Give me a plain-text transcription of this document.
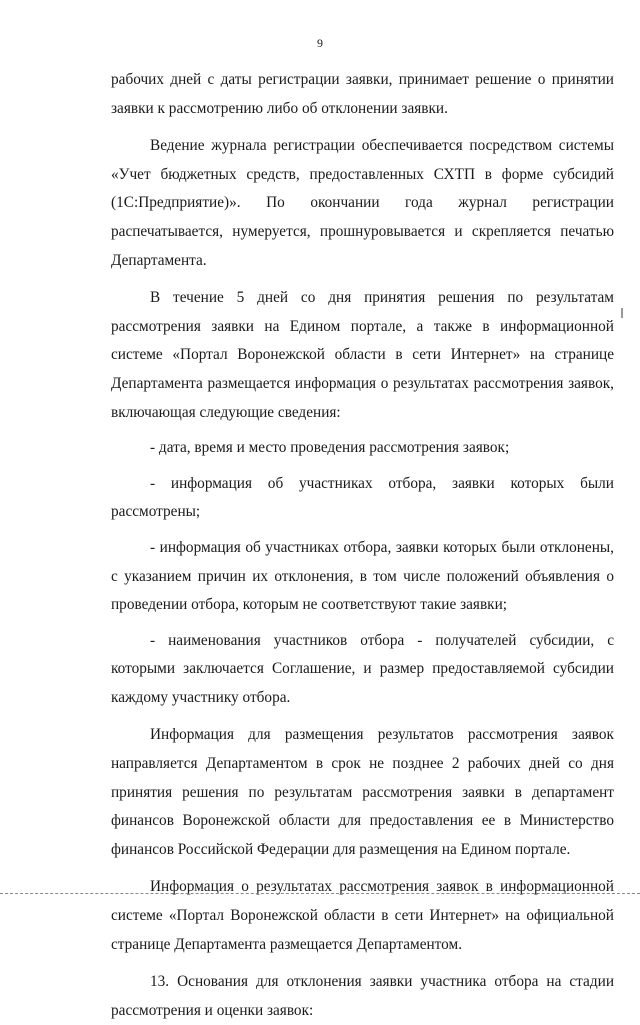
9

рабочих дней с даты регистрации заявки, принимает решение о принятии заявки к рассмотрению либо об отклонении заявки.

Ведение журнала регистрации обеспечивается посредством системы «Учет бюджетных средств, предоставленных СХТП в форме субсидий (1С:Предприятие)». По окончании года журнал регистрации распечатывается, нумеруется, прошнуровывается и скрепляется печатью Департамента.

В течение 5 дней со дня принятия решения по результатам рассмотрения заявки на Едином портале, а также в информационной системе «Портал Воронежской области в сети Интернет» на странице Департамента размещается информация о результатах рассмотрения заявок, включающая следующие сведения:

- дата, время и место проведения рассмотрения заявок;

- информация об участниках отбора, заявки которых были рассмотрены;

- информация об участниках отбора, заявки которых были отклонены, с указанием причин их отклонения, в том числе положений объявления о проведении отбора, которым не соответствуют такие заявки;

- наименования участников отбора - получателей субсидии, с которыми заключается Соглашение, и размер предоставляемой субсидии каждому участнику отбора.

Информация для размещения результатов рассмотрения заявок направляется Департаментом в срок не позднее 2 рабочих дней со дня принятия решения по результатам рассмотрения заявки в департамент финансов Воронежской области для предоставления ее в Министерство финансов Российской Федерации для размещения на Едином портале.

Информация о результатах рассмотрения заявок в информационной системе «Портал Воронежской области в сети Интернет» на официальной странице Департамента размещается Департаментом.

13. Основания для отклонения заявки участника отбора на стадии рассмотрения и оценки заявок:
